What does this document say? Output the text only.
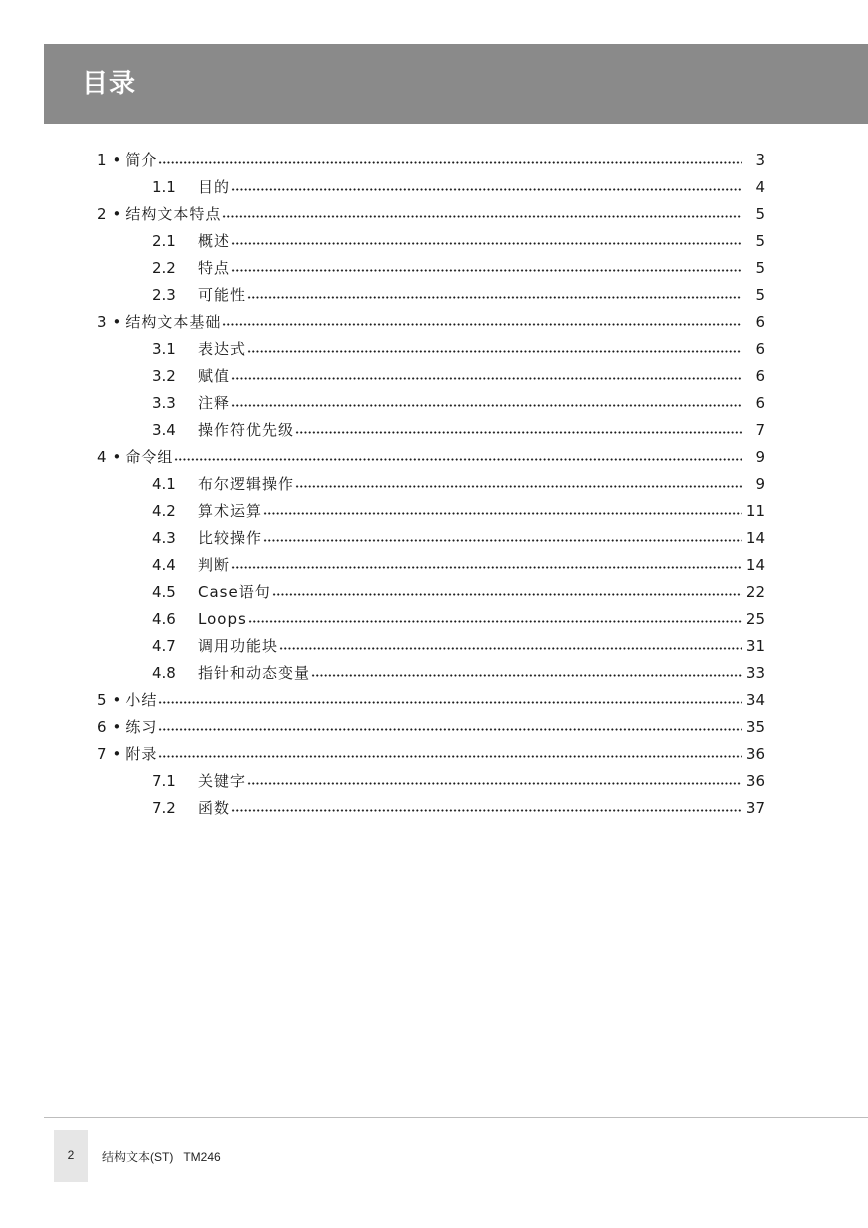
目录
1 • 简介	3
1.1	目的	4
2 • 结构文本特点	5
2.1	概述	5
2.2	特点	5
2.3	可能性	5
3 • 结构文本基础	6
3.1	表达式	6
3.2	赋值	6
3.3	注释	6
3.4	操作符优先级	7
4 • 命令组	9
4.1	布尔逻辑操作	9
4.2	算术运算	11
4.3	比较操作	14
4.4	判断	14
4.5	Case语句	22
4.6	Loops	25
4.7	调用功能块	31
4.8	指针和动态变量	33
5 • 小结	34
6 • 练习	35
7 • 附录	36
7.1	关键字	36
7.2	函数	37
2	结构文本(ST)   TM246
